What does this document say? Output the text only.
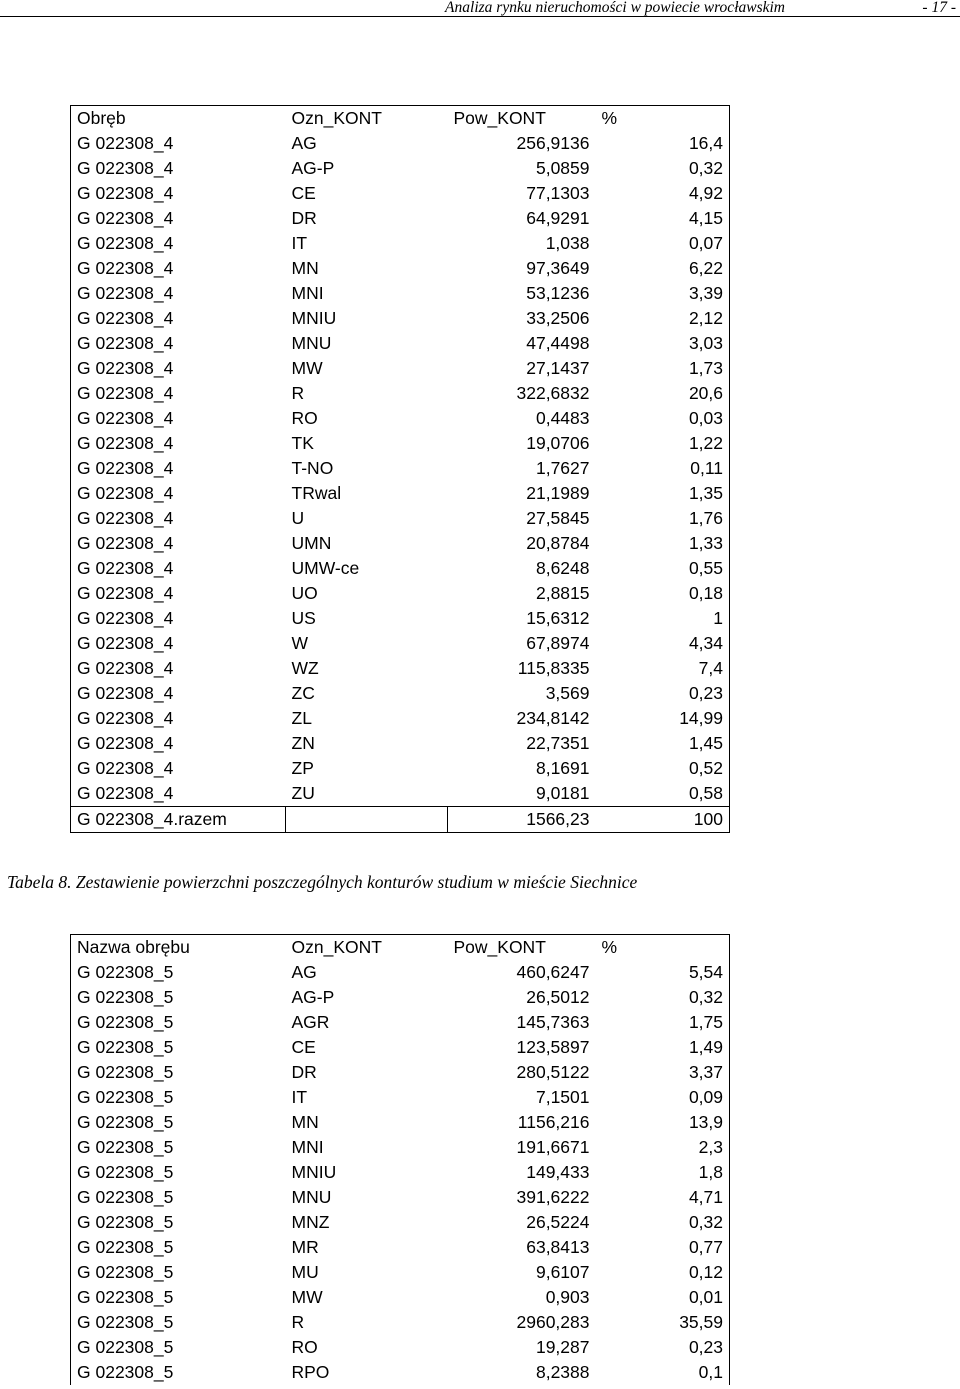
Analiza rynku nieruchomości w powiecie wrocławskim	- 17 -
Obręb	Ozn_KONT	Pow_KONT	%
G 022308_4	AG	256,9136	16,4
G 022308_4	AG-P	5,0859	0,32
G 022308_4	CE	77,1303	4,92
G 022308_4	DR	64,9291	4,15
G 022308_4	IT	1,038	0,07
G 022308_4	MN	97,3649	6,22
G 022308_4	MNI	53,1236	3,39
G 022308_4	MNIU	33,2506	2,12
G 022308_4	MNU	47,4498	3,03
G 022308_4	MW	27,1437	1,73
G 022308_4	R	322,6832	20,6
G 022308_4	RO	0,4483	0,03
G 022308_4	TK	19,0706	1,22
G 022308_4	T-NO	1,7627	0,11
G 022308_4	TRwal	21,1989	1,35
G 022308_4	U	27,5845	1,76
G 022308_4	UMN	20,8784	1,33
G 022308_4	UMW-ce	8,6248	0,55
G 022308_4	UO	2,8815	0,18
G 022308_4	US	15,6312	1
G 022308_4	W	67,8974	4,34
G 022308_4	WZ	115,8335	7,4
G 022308_4	ZC	3,569	0,23
G 022308_4	ZL	234,8142	14,99
G 022308_4	ZN	22,7351	1,45
G 022308_4	ZP	8,1691	0,52
G 022308_4	ZU	9,0181	0,58
G 022308_4.razem		1566,23	100
Tabela 8. Zestawienie powierzchni poszczególnych konturów studium w mieście Siechnice
Nazwa obrębu	Ozn_KONT	Pow_KONT	%
G 022308_5	AG	460,6247	5,54
G 022308_5	AG-P	26,5012	0,32
G 022308_5	AGR	145,7363	1,75
G 022308_5	CE	123,5897	1,49
G 022308_5	DR	280,5122	3,37
G 022308_5	IT	7,1501	0,09
G 022308_5	MN	1156,216	13,9
G 022308_5	MNI	191,6671	2,3
G 022308_5	MNIU	149,433	1,8
G 022308_5	MNU	391,6222	4,71
G 022308_5	MNZ	26,5224	0,32
G 022308_5	MR	63,8413	0,77
G 022308_5	MU	9,6107	0,12
G 022308_5	MW	0,903	0,01
G 022308_5	R	2960,283	35,59
G 022308_5	RO	19,287	0,23
G 022308_5	RPO	8,2388	0,1
